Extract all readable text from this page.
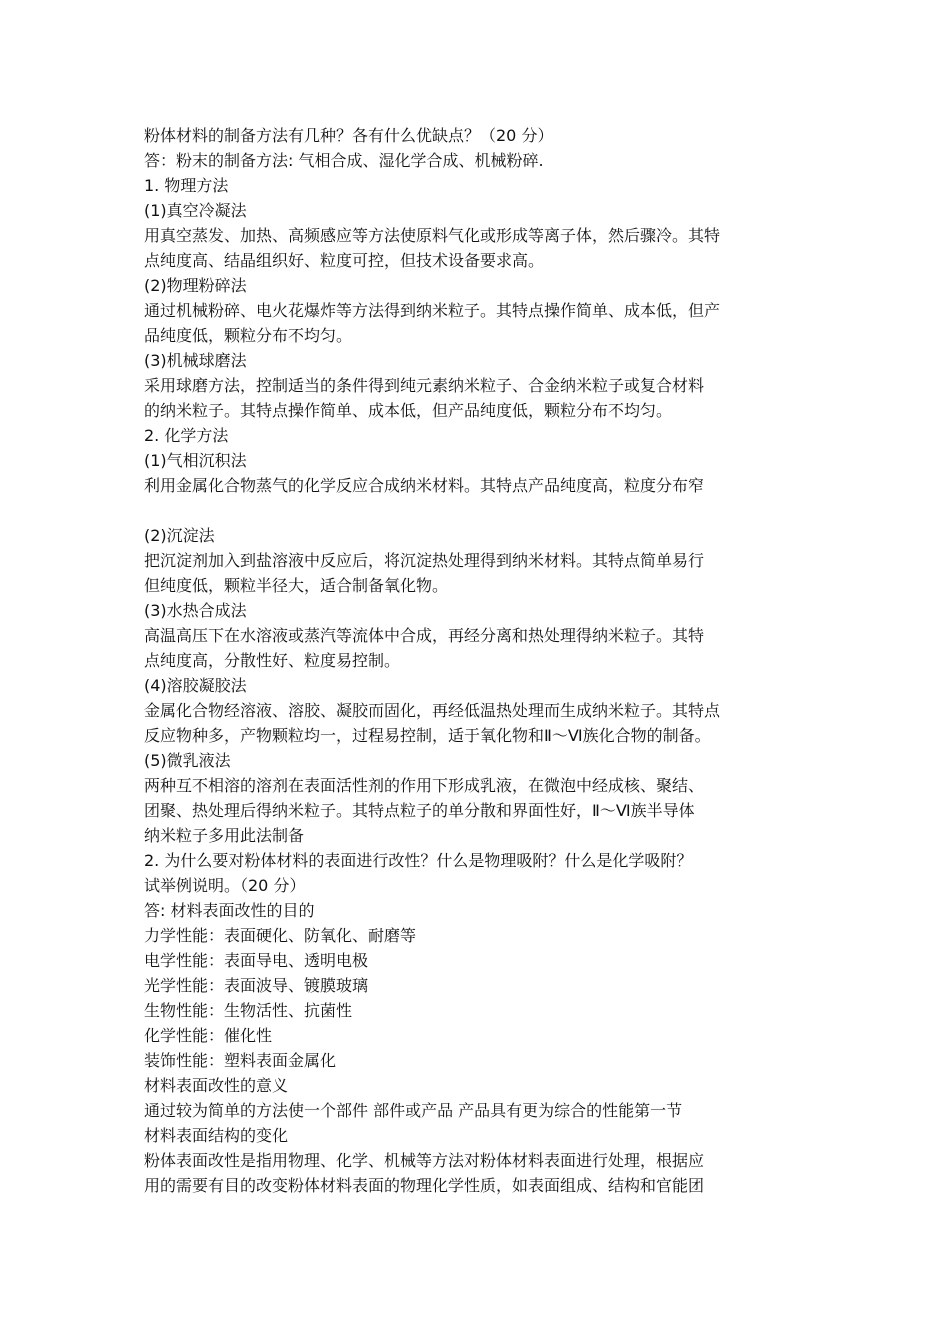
粉体材料的制备方法有几种？各有什么优缺点？（20 分）
答：粉末的制备方法: 气相合成、湿化学合成、机械粉碎.
1. 物理方法
(1)真空冷凝法
用真空蒸发、加热、高频感应等方法使原料气化或形成等离子体，然后骤冷。其特
点纯度高、结晶组织好、粒度可控，但技术设备要求高。
(2)物理粉碎法
通过机械粉碎、电火花爆炸等方法得到纳米粒子。其特点操作简单、成本低，但产
品纯度低，颗粒分布不均匀。
(3)机械球磨法
采用球磨方法，控制适当的条件得到纯元素纳米粒子、合金纳米粒子或复合材料
的纳米粒子。其特点操作简单、成本低，但产品纯度低，颗粒分布不均匀。
2. 化学方法
(1)气相沉积法
利用金属化合物蒸气的化学反应合成纳米材料。其特点产品纯度高，粒度分布窄
(2)沉淀法
把沉淀剂加入到盐溶液中反应后，将沉淀热处理得到纳米材料。其特点简单易行
但纯度低，颗粒半径大，适合制备氧化物。
(3)水热合成法
高温高压下在水溶液或蒸汽等流体中合成，再经分离和热处理得纳米粒子。其特
点纯度高，分散性好、粒度易控制。
(4)溶胶凝胶法
金属化合物经溶液、溶胶、凝胶而固化，再经低温热处理而生成纳米粒子。其特点
反应物种多，产物颗粒均一，过程易控制，适于氧化物和Ⅱ～Ⅵ族化合物的制备。
(5)微乳液法
两种互不相溶的溶剂在表面活性剂的作用下形成乳液，在微泡中经成核、聚结、
团聚、热处理后得纳米粒子。其特点粒子的单分散和界面性好，Ⅱ～Ⅵ族半导体
纳米粒子多用此法制备
2. 为什么要对粉体材料的表面进行改性？什么是物理吸附？什么是化学吸附？
试举例说明。（20 分）
答: 材料表面改性的目的
力学性能：表面硬化、防氧化、耐磨等
电学性能：表面导电、透明电极
光学性能：表面波导、镀膜玻璃
生物性能：生物活性、抗菌性
化学性能：催化性
装饰性能：塑料表面金属化
材料表面改性的意义
通过较为简单的方法使一个部件 部件或产品 产品具有更为综合的性能第一节
材料表面结构的变化
粉体表面改性是指用物理、化学、机械等方法对粉体材料表面进行处理，根据应
用的需要有目的改变粉体材料表面的物理化学性质，如表面组成、结构和官能团
